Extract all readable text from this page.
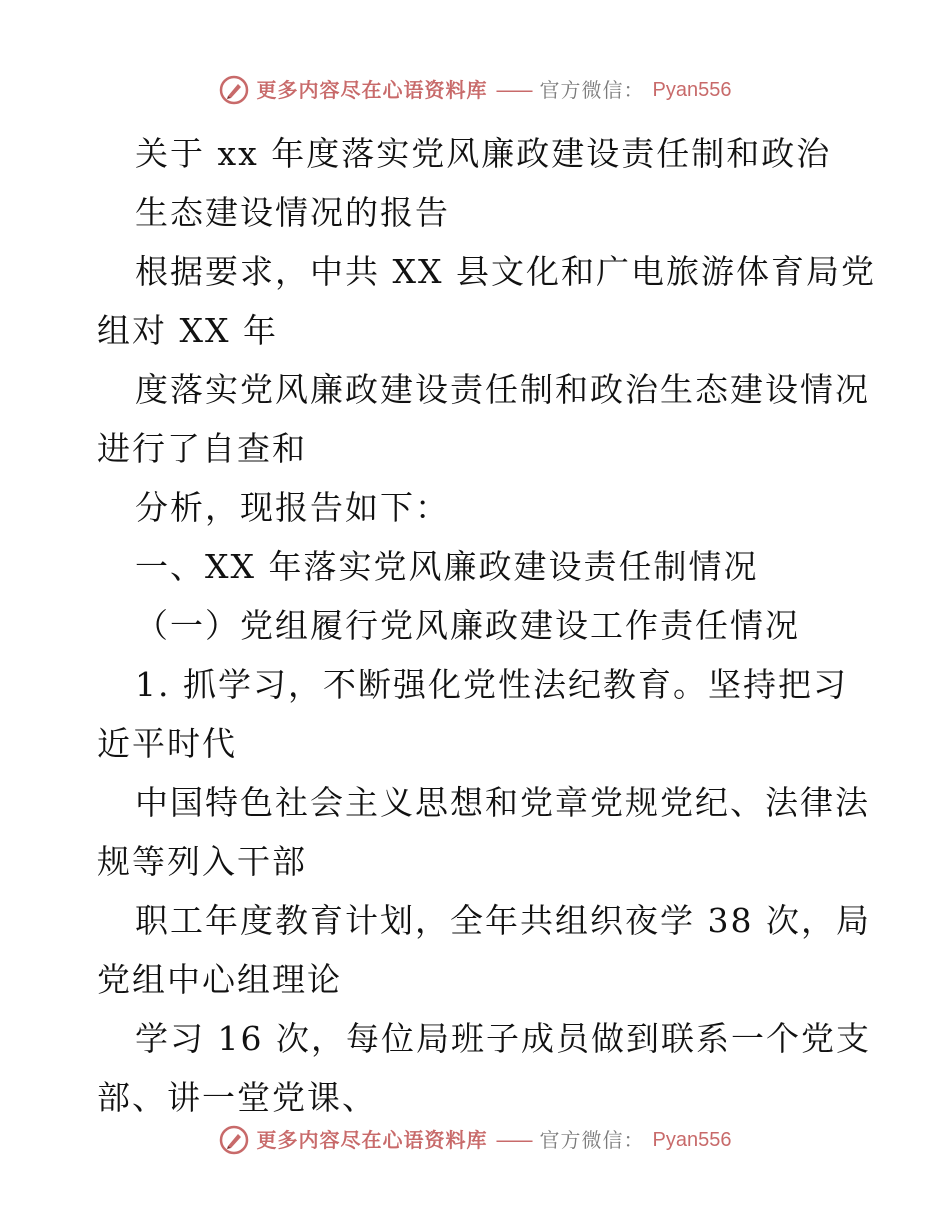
更多内容尽在心语资料库 —— 官方微信： Pyan556
关于 xx 年度落实党风廉政建设责任制和政治
生态建设情况的报告
根据要求，中共 XX 县文化和广电旅游体育局党
组对 XX 年
度落实党风廉政建设责任制和政治生态建设情况
进行了自查和
分析，现报告如下：
一、XX 年落实党风廉政建设责任制情况
（一）党组履行党风廉政建设工作责任情况
1. 抓学习，不断强化党性法纪教育。坚持把习
近平时代
中国特色社会主义思想和党章党规党纪、法律法
规等列入干部
职工年度教育计划，全年共组织夜学 38 次，局
党组中心组理论
学习 16 次，每位局班子成员做到联系一个党支
部、讲一堂党课、
更多内容尽在心语资料库 —— 官方微信： Pyan556
